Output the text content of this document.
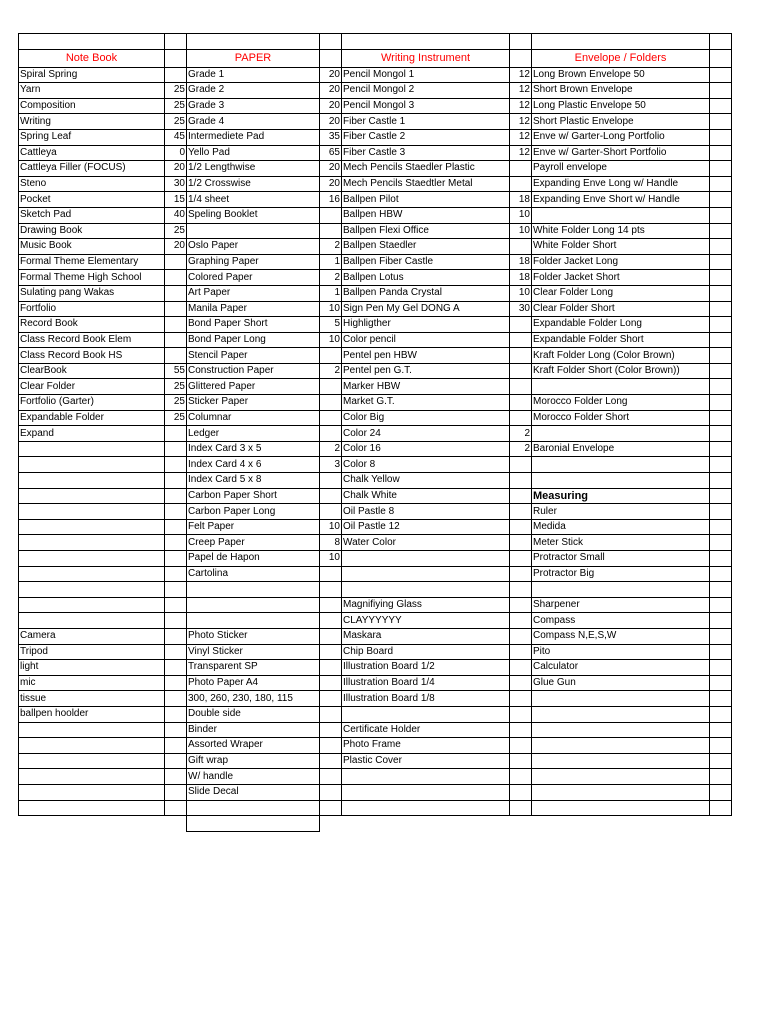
Note Book		PAPER		Writing Instrument		Envelope / Folders	
Spiral Spring		Grade 1	20	Pencil Mongol 1	12	Long Brown Envelope 50	
Yarn	25	Grade 2	20	Pencil Mongol 2	12	Short Brown Envelope	
Composition	25	Grade 3	20	Pencil Mongol 3	12	Long Plastic Envelope 50	
Writing	25	Grade 4	20	Fiber Castle 1	12	Short Plastic Envelope	
Spring Leaf	45	Intermediete Pad	35	Fiber Castle 2	12	Enve w/ Garter-Long Portfolio	
Cattleya	0	Yello Pad	65	Fiber Castle 3	12	Enve w/ Garter-Short Portfolio	
Cattleya Filler (FOCUS)	20	1/2 Lengthwise	20	Mech Pencils Staedler Plastic		Payroll envelope	
Steno	30	1/2 Crosswise	20	Mech Pencils Staedtler Metal		Expanding Enve Long w/ Handle	
Pocket	15	1/4 sheet	16	Ballpen Pilot	18	Expanding Enve Short w/ Handle	
Sketch Pad	40	Speling Booklet		Ballpen HBW	10		
Drawing Book	25			Ballpen Flexi Office	10	White Folder Long 14 pts	
Music Book	20	Oslo Paper	2	Ballpen Staedler		White Folder Short	
Formal Theme Elementary		Graphing Paper	1	Ballpen Fiber Castle	18	Folder Jacket Long	
Formal Theme High School		Colored Paper	2	Ballpen Lotus	18	Folder Jacket Short	
Sulating pang Wakas		Art Paper	1	Ballpen Panda Crystal	10	Clear Folder Long	
Fortfolio		Manila Paper	10	Sign Pen My Gel DONG A	30	Clear Folder Short	
Record Book		Bond Paper Short	5	Highligther		Expandable Folder Long	
Class Record Book Elem		Bond Paper Long	10	Color pencil		Expandable Folder Short	
Class Record Book HS		Stencil Paper		Pentel pen HBW		Kraft Folder Long (Color Brown)	
ClearBook	55	Construction Paper	2	Pentel pen G.T.		Kraft Folder Short (Color Brown))	
Clear Folder	25	Glittered Paper		Marker HBW			
Fortfolio (Garter)	25	Sticker Paper		Market G.T.		Morocco Folder Long	
Expandable Folder	25	Columnar		Color Big		Morocco Folder Short	
Expand		Ledger		Color 24	2		
		Index Card 3 x 5	2	Color 16	2	Baronial Envelope	
		Index Card 4 x 6	3	Color 8			
		Index Card 5 x 8		Chalk Yellow			
		Carbon Paper Short		Chalk White		Measuring	
		Carbon Paper Long		Oil Pastle 8		Ruler	
		Felt Paper	10	Oil Pastle 12		Medida	
		Creep Paper	8	Water Color		Meter Stick	
		Papel de Hapon	10			Protractor Small	
		Cartolina				Protractor Big	

				Magnifiying Glass		Sharpener	
				CLAYYYYYY		Compass	
Camera		Photo Sticker		Maskara		Compass N,E,S,W	
Tripod		Vinyl Sticker		Chip Board		Pito	
light		Transparent SP		Illustration Board 1/2		Calculator	
mic		Photo Paper A4		Illustration Board 1/4		Glue Gun	
tissue		300, 260, 230, 180, 115		Illustration Board 1/8			
ballpen hoolder		Double side					
		Binder		Certificate Holder			
		Assorted Wraper		Photo Frame			
		Gift wrap		Plastic Cover			
		W/ handle					
		Slide Decal					
